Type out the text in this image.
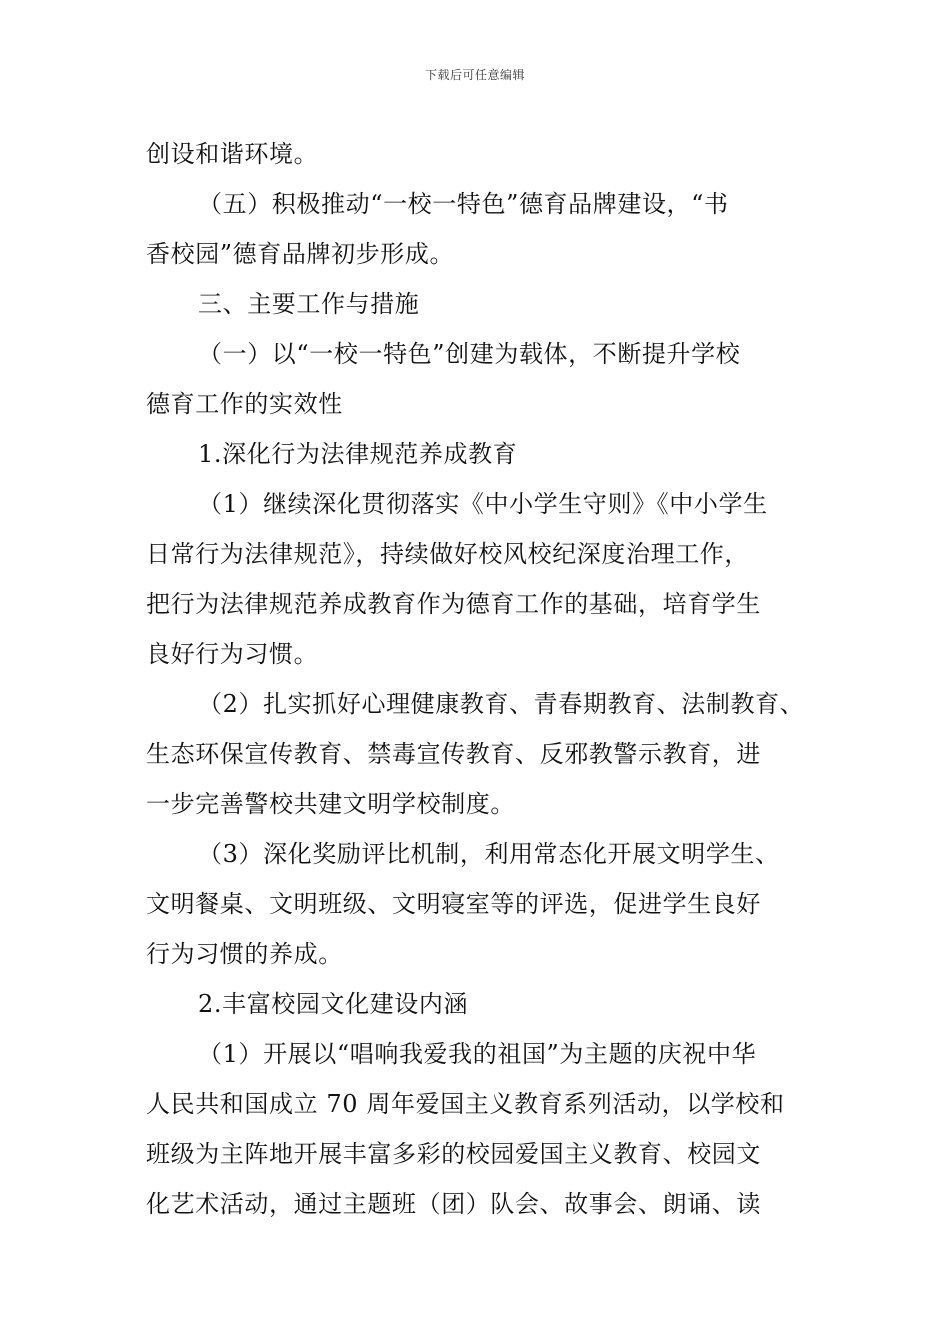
下载后可任意编辑
创设和谐环境。
（五）积极推动“一校一特色”德育品牌建设，“书
香校园”德育品牌初步形成。
三、主要工作与措施
（一）以“一校一特色”创建为载体，不断提升学校
德育工作的实效性
1.深化行为法律规范养成教育
（1）继续深化贯彻落实《中小学生守则》《中小学生
日常行为法律规范》，持续做好校风校纪深度治理工作，
把行为法律规范养成教育作为德育工作的基础，培育学生
良好行为习惯。
（2）扎实抓好心理健康教育、青春期教育、法制教育、
生态环保宣传教育、禁毒宣传教育、反邪教警示教育，进
一步完善警校共建文明学校制度。
（3）深化奖励评比机制，利用常态化开展文明学生、
文明餐桌、文明班级、文明寝室等的评选，促进学生良好
行为习惯的养成。
2.丰富校园文化建设内涵
（1）开展以“唱响我爱我的祖国”为主题的庆祝中华
人民共和国成立 70 周年爱国主义教育系列活动，以学校和
班级为主阵地开展丰富多彩的校园爱国主义教育、校园文
化艺术活动，通过主题班（团）队会、故事会、朗诵、读
